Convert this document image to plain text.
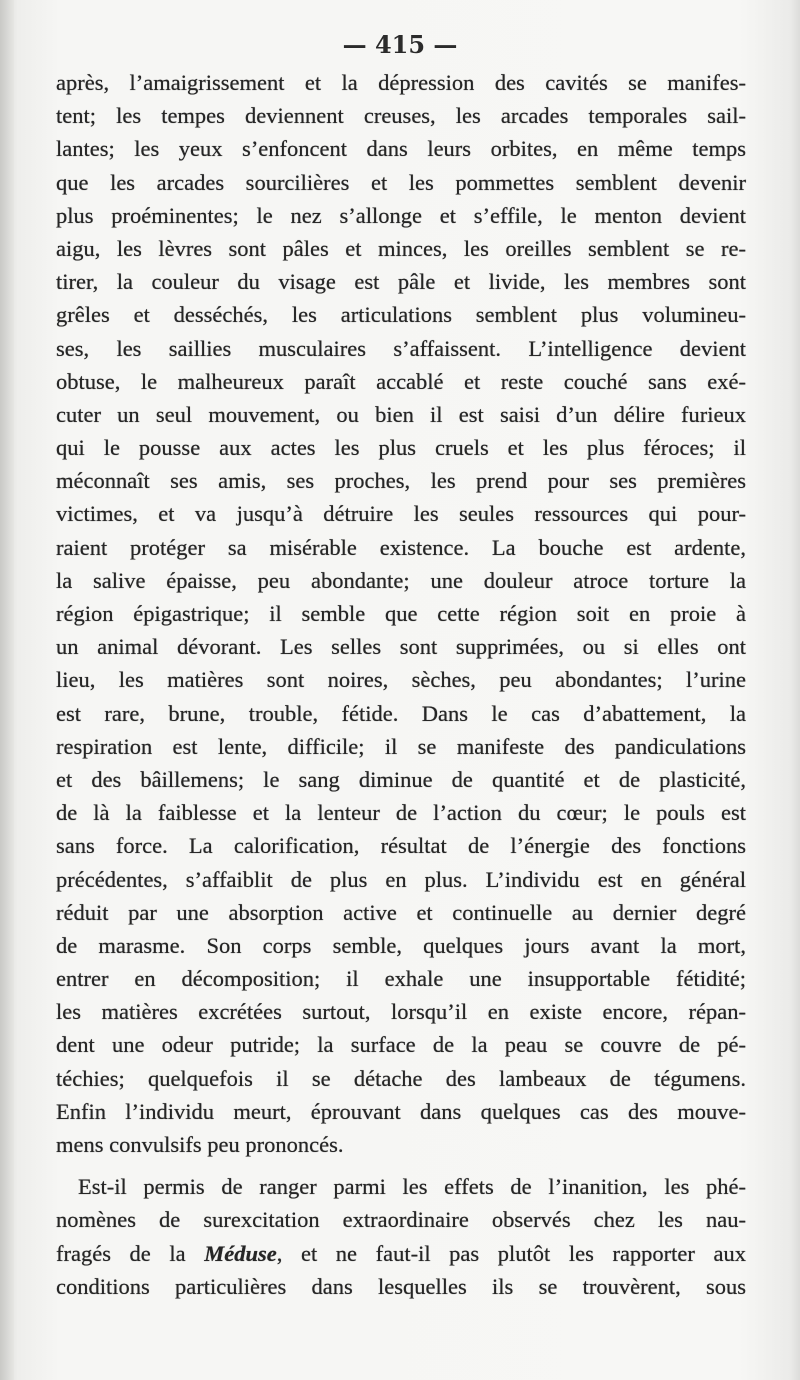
— 415 —
après, l’amaigrissement et la dépression des cavités se manifes-
tent; les tempes deviennent creuses, les arcades temporales sail-
lantes; les yeux s’enfoncent dans leurs orbites, en même temps
que les arcades sourcilières et les pommettes semblent devenir
plus proéminentes; le nez s’allonge et s’effile, le menton devient
aigu, les lèvres sont pâles et minces, les oreilles semblent se re-
tirer, la couleur du visage est pâle et livide, les membres sont
grêles et desséchés, les articulations semblent plus volumineu-
ses, les saillies musculaires s’affaissent. L’intelligence devient
obtuse, le malheureux paraît accablé et reste couché sans exé-
cuter un seul mouvement, ou bien il est saisi d’un délire furieux
qui le pousse aux actes les plus cruels et les plus féroces; il
méconnaît ses amis, ses proches, les prend pour ses premières
victimes, et va jusqu’à détruire les seules ressources qui pour-
raient protéger sa misérable existence. La bouche est ardente,
la salive épaisse, peu abondante; une douleur atroce torture la
région épigastrique; il semble que cette région soit en proie à
un animal dévorant. Les selles sont supprimées, ou si elles ont
lieu, les matières sont noires, sèches, peu abondantes; l’urine
est rare, brune, trouble, fétide. Dans le cas d’abattement, la
respiration est lente, difficile; il se manifeste des pandiculations
et des bâillemens; le sang diminue de quantité et de plasticité,
de là la faiblesse et la lenteur de l’action du cœur; le pouls est
sans force. La calorification, résultat de l’énergie des fonctions
précédentes, s’affaiblit de plus en plus. L’individu est en général
réduit par une absorption active et continuelle au dernier degré
de marasme. Son corps semble, quelques jours avant la mort,
entrer en décomposition; il exhale une insupportable fétidité;
les matières excrétées surtout, lorsqu’il en existe encore, répan-
dent une odeur putride; la surface de la peau se couvre de pé-
téchies; quelquefois il se détache des lambeaux de tégumens.
Enfin l’individu meurt, éprouvant dans quelques cas des mouve-
mens convulsifs peu prononcés.
Est-il permis de ranger parmi les effets de l’inanition, les phé-
nomènes de surexcitation extraordinaire observés chez les nau-
fragés de la Méduse, et ne faut-il pas plutôt les rapporter aux
conditions particulières dans lesquelles ils se trouvèrent, sous
